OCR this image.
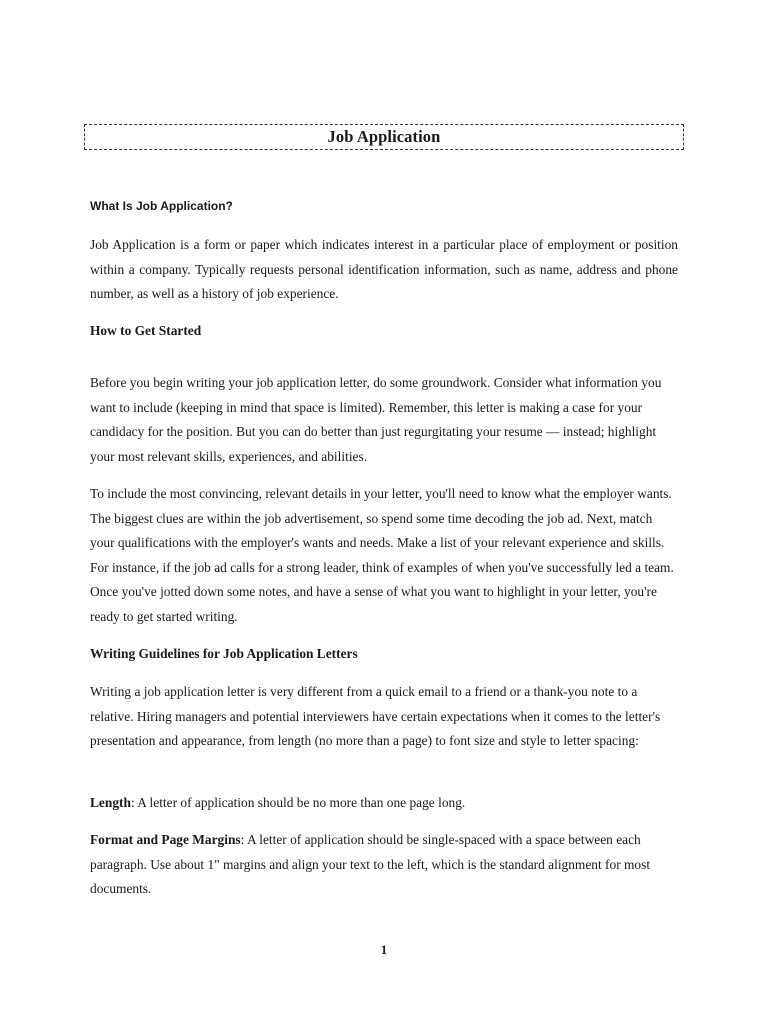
Job Application
What Is Job Application?

Job Application is a form or paper which indicates interest in a particular place of employment or position within a company. Typically requests personal identification information, such as name, address and phone number, as well as a history of job experience.

How to Get Started

Before you begin writing your job application letter, do some groundwork. Consider what information you want to include (keeping in mind that space is limited). Remember, this letter is making a case for your candidacy for the position. But you can do better than just regurgitating your resume — instead; highlight your most relevant skills, experiences, and abilities.

To include the most convincing, relevant details in your letter, you'll need to know what the employer wants. The biggest clues are within the job advertisement, so spend some time decoding the job ad. Next, match your qualifications with the employer's wants and needs. Make a list of your relevant experience and skills. For instance, if the job ad calls for a strong leader, think of examples of when you've successfully led a team. Once you've jotted down some notes, and have a sense of what you want to highlight in your letter, you're ready to get started writing.

Writing Guidelines for Job Application Letters

Writing a job application letter is very different from a quick email to a friend or a thank-you note to a relative. Hiring managers and potential interviewers have certain expectations when it comes to the letter's presentation and appearance, from length (no more than a page) to font size and style to letter spacing:

Length: A letter of application should be no more than one page long.

Format and Page Margins: A letter of application should be single-spaced with a space between each paragraph. Use about 1" margins and align your text to the left, which is the standard alignment for most documents.

1
